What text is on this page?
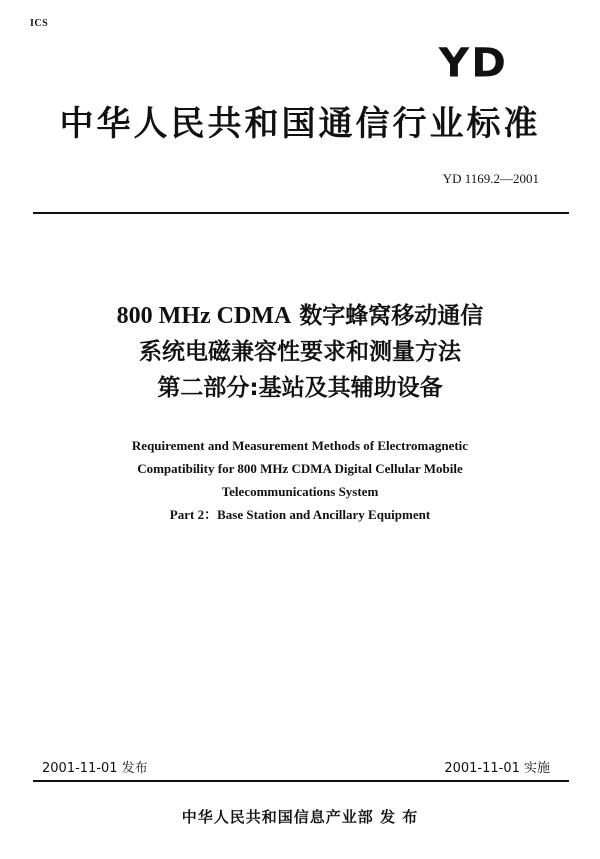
ICS
YD
中华人民共和国通信行业标准
YD 1169.2—2001
800 MHz CDMA 数字蜂窝移动通信
系统电磁兼容性要求和测量方法
第二部分:基站及其辅助设备
Requirement and Measurement Methods of Electromagnetic
Compatibility for 800 MHz CDMA Digital Cellular Mobile
Telecommunications System
Part 2：Base Station and Ancillary Equipment
2001-11-01 发布	2001-11-01 实施
中华人民共和国信息产业部 发 布
